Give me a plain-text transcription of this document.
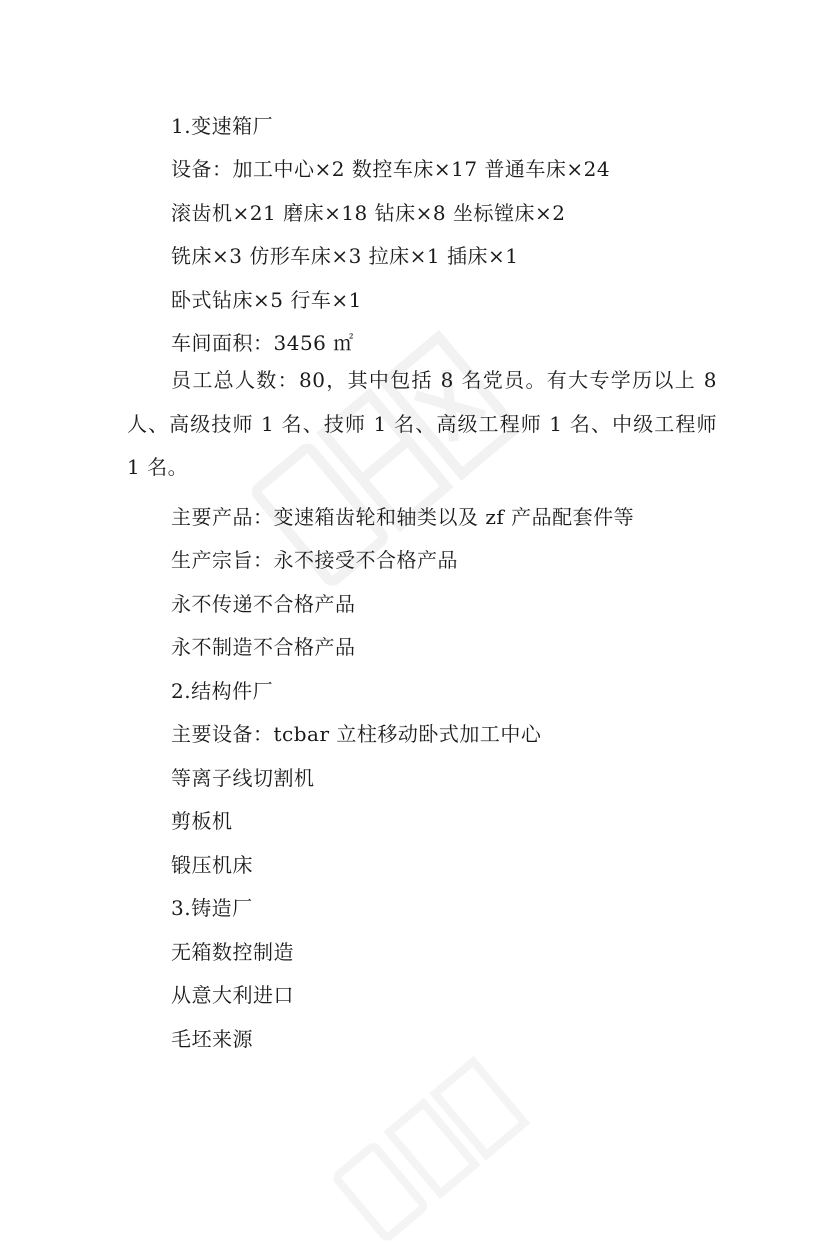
1.变速箱厂
设备：加工中心×2 数控车床×17 普通车床×24
滚齿机×21 磨床×18 钻床×8 坐标镗床×2
铣床×3 仿形车床×3 拉床×1 插床×1
卧式钻床×5 行车×1
车间面积：3456 ㎡
员工总人数：80，其中包括 8 名党员。有大专学历以上 8 人、高级技师 1 名、技师 1 名、高级工程师 1 名、中级工程师 1 名。
主要产品：变速箱齿轮和轴类以及 zf 产品配套件等
生产宗旨：永不接受不合格产品
永不传递不合格产品
永不制造不合格产品
2.结构件厂
主要设备：tcbar 立柱移动卧式加工中心
等离子线切割机
剪板机
锻压机床
3.铸造厂
无箱数控制造
从意大利进口
毛坯来源
